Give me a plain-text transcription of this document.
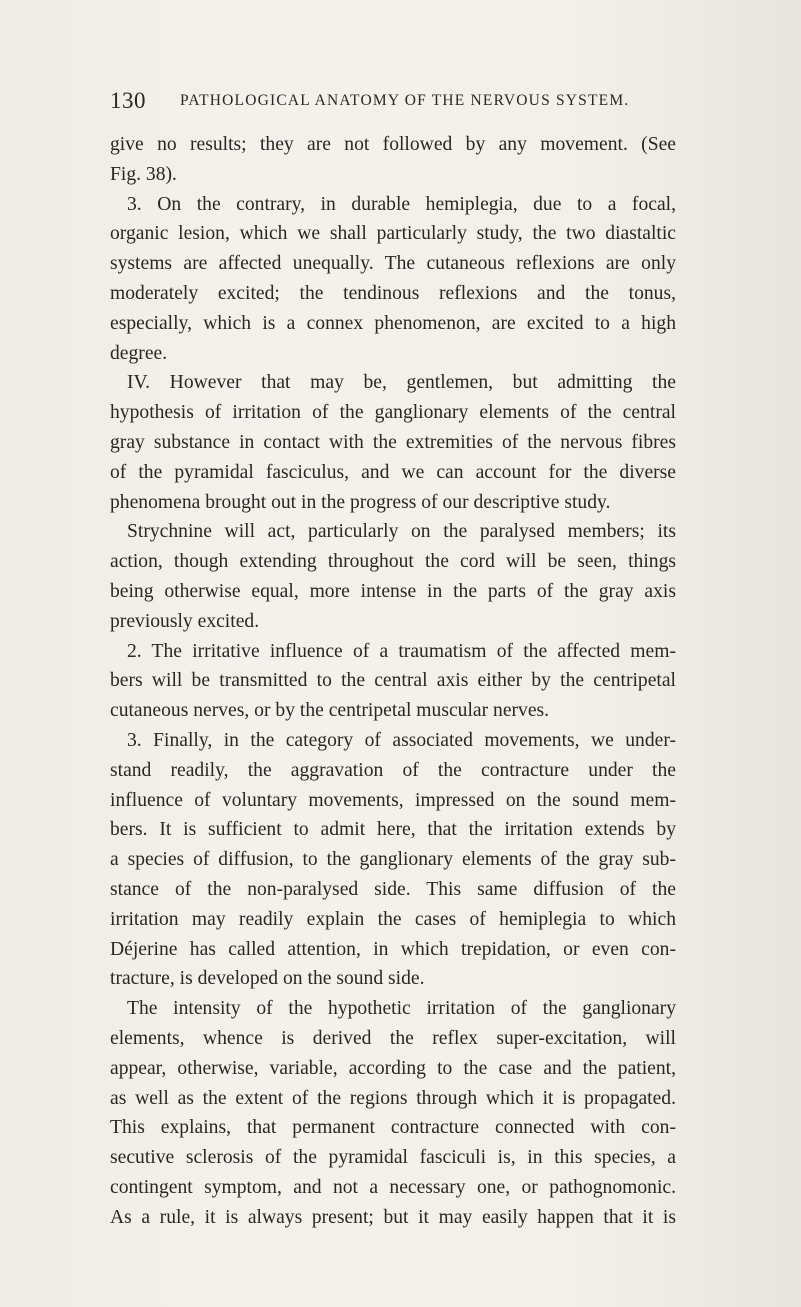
130 PATHOLOGICAL ANATOMY OF THE NERVOUS SYSTEM.
give no results; they are not followed by any movement. (See
Fig. 38).
3. On the contrary, in durable hemiplegia, due to a focal,
organic lesion, which we shall particularly study, the two diastaltic
systems are affected unequally. The cutaneous reflexions are only
moderately excited; the tendinous reflexions and the tonus,
especially, which is a connex phenomenon, are excited to a high
degree.
IV. However that may be, gentlemen, but admitting the
hypothesis of irritation of the ganglionary elements of the central
gray substance in contact with the extremities of the nervous fibres
of the pyramidal fasciculus, and we can account for the diverse
phenomena brought out in the progress of our descriptive study.
Strychnine will act, particularly on the paralysed members; its
action, though extending throughout the cord will be seen, things
being otherwise equal, more intense in the parts of the gray axis
previously excited.
2. The irritative influence of a traumatism of the affected mem-
bers will be transmitted to the central axis either by the centripetal
cutaneous nerves, or by the centripetal muscular nerves.
3. Finally, in the category of associated movements, we under-
stand readily, the aggravation of the contracture under the
influence of voluntary movements, impressed on the sound mem-
bers. It is sufficient to admit here, that the irritation extends by
a species of diffusion, to the ganglionary elements of the gray sub-
stance of the non-paralysed side. This same diffusion of the
irritation may readily explain the cases of hemiplegia to which
Déjerine has called attention, in which trepidation, or even con-
tracture, is developed on the sound side.
The intensity of the hypothetic irritation of the ganglionary
elements, whence is derived the reflex super-excitation, will
appear, otherwise, variable, according to the case and the patient,
as well as the extent of the regions through which it is propagated.
This explains, that permanent contracture connected with con-
secutive sclerosis of the pyramidal fasciculi is, in this species, a
contingent symptom, and not a necessary one, or pathognomonic.
As a rule, it is always present; but it may easily happen that it is
